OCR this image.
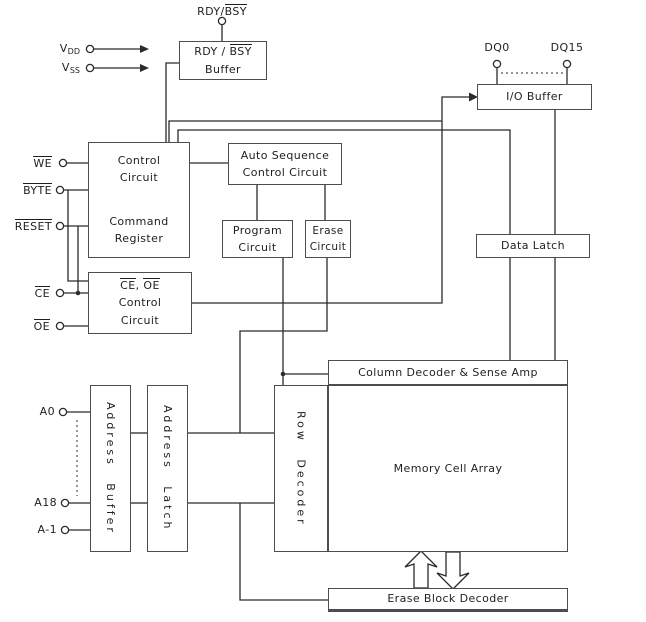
RDY / BSY
Buffer
I/O Buffer
Control
Circuit
Command
Register
Auto Sequence
Control Circuit
Program
Circuit
Erase
Circuit	Data Latch
CE, OE
Control
Circuit
Column Decoder & Sense Amp
Row Decoder	Memory Cell Array
Address Buffer	Address Latch
Erase Block Decoder
RDY/BSY
$V_{DD}$
$V_{SS}$
DQ0	DQ15
WE
BYTE
RESET
CE
OE
A0
A18
A-1
